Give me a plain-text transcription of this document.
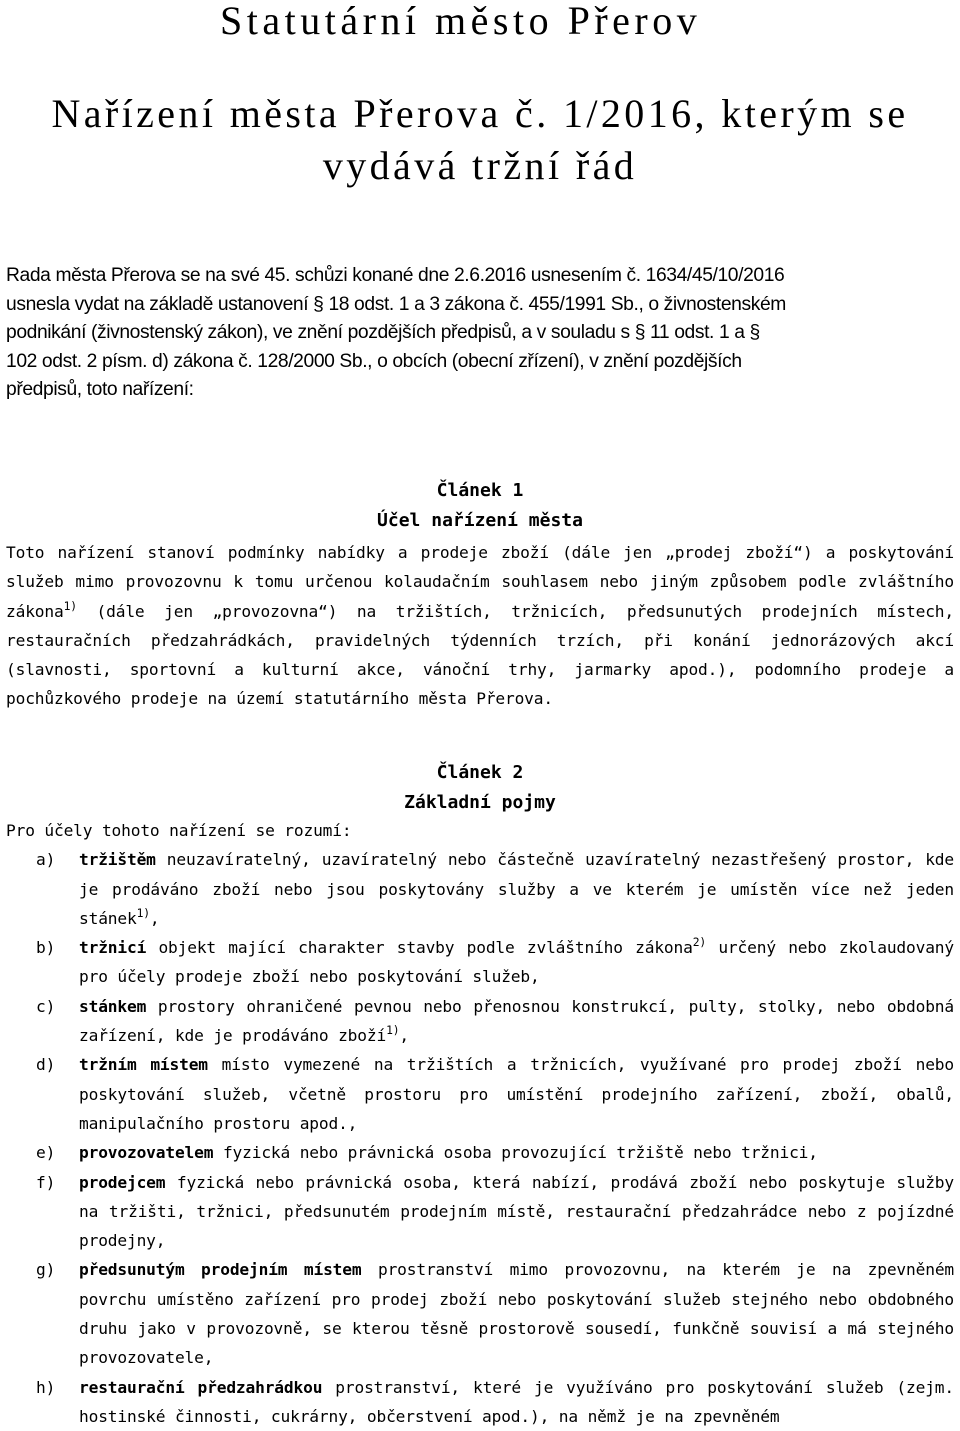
Statutární město Přerov
Nařízení města Přerova č. 1/2016, kterým se vydává tržní řád
Rada města Přerova se na své 45. schůzi konané dne 2.6.2016 usnesením č. 1634/45/10/2016
usnesla vydat na základě ustanovení § 18 odst. 1 a 3 zákona č. 455/1991 Sb., o živnostenském
podnikání (živnostenský zákon), ve znění pozdějších předpisů, a v souladu s § 11 odst. 1 a §
102 odst. 2 písm. d) zákona č. 128/2000 Sb., o obcích (obecní zřízení), v znění pozdějších
předpisů, toto nařízení:
Článek 1
Účel nařízení města
Toto nařízení stanoví podmínky nabídky a prodeje zboží (dále jen „prodej zboží“) a poskytování služeb mimo provozovnu k tomu určenou kolaudačním souhlasem nebo jiným způsobem podle zvláštního zákona$^{1)}$ (dále jen „provozovna“) na tržištích, tržnicích, předsunutých prodejních místech, restauračních předzahrádkách, pravidelných týdenních trzích, při konání jednorázových akcí (slavnosti, sportovní a kulturní akce, vánoční trhy, jarmarky apod.), podomního prodeje a pochůzkového prodeje na území statutárního města Přerova.
Článek 2
Základní pojmy
Pro účely tohoto nařízení se rozumí:
a) tržištěm neuzavíratelný, uzavíratelný nebo částečně uzavíratelný nezastřešený prostor, kde je prodáváno zboží nebo jsou poskytovány služby a ve kterém je umístěn více než jeden stánek$^{1)}$,
b) tržnicí objekt mající charakter stavby podle zvláštního zákona$^{2)}$ určený nebo zkolaudovaný pro účely prodeje zboží nebo poskytování služeb,
c) stánkem prostory ohraničené pevnou nebo přenosnou konstrukcí, pulty, stolky, nebo obdobná zařízení, kde je prodáváno zboží$^{1)}$,
d) tržním místem místo vymezené na tržištích a tržnicích, využívané pro prodej zboží nebo poskytování služeb, včetně prostoru pro umístění prodejního zařízení, zboží, obalů, manipulačního prostoru apod.,
e) provozovatelem fyzická nebo právnická osoba provozující tržiště nebo tržnici,
f) prodejcem fyzická nebo právnická osoba, která nabízí, prodává zboží nebo poskytuje služby na tržišti, tržnici, předsunutém prodejním místě, restaurační předzahrádce nebo z pojízdné prodejny,
g) předsunutým prodejním místem prostranství mimo provozovnu, na kterém je na zpevněném povrchu umístěno zařízení pro prodej zboží nebo poskytování služeb stejného nebo obdobného druhu jako v provozovně, se kterou těsně prostorově sousedí, funkčně souvisí a má stejného provozovatele,
h) restaurační předzahrádkou prostranství, které je využíváno pro poskytování služeb (zejm. hostinské činnosti, cukrárny, občerstvení apod.), na němž je na zpevněném
